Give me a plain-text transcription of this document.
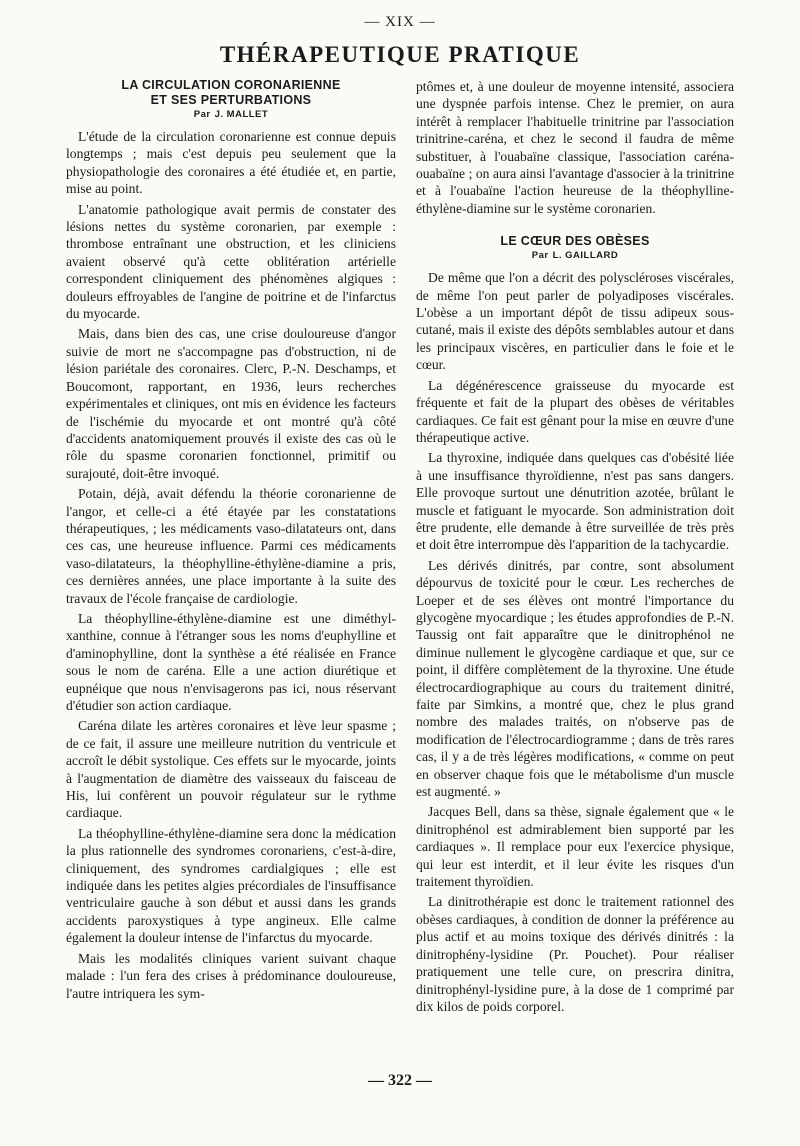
— XIX —
THÉRAPEUTIQUE PRATIQUE
LA CIRCULATION CORONARIENNE
ET SES PERTURBATIONS
Par J. MALLET

L'étude de la circulation coronarienne est connue depuis longtemps ; mais c'est depuis peu seulement que la physiopathologie des coronaires a été étudiée et, en partie, mise au point.

L'anatomie pathologique avait permis de constater des lésions nettes du système coronarien, par exemple : thrombose entraînant une obstruction, et les cliniciens avaient observé qu'à cette oblitération artérielle correspondent cliniquement des phénomènes algiques : douleurs effroyables de l'angine de poitrine et de l'infarctus du myocarde.

Mais, dans bien des cas, une crise douloureuse d'angor suivie de mort ne s'accompagne pas d'obstruction, ni de lésion pariétale des coronaires. Clerc, P.-N. Deschamps, et Boucomont, rapportant, en 1936, leurs recherches expérimentales et cliniques, ont mis en évidence les facteurs de l'ischémie du myocarde et ont montré qu'à côté d'accidents anatomiquement prouvés il existe des cas où le rôle du spasme coronarien fonctionnel, primitif ou surajouté, doit-être invoqué.

Potain, déjà, avait défendu la théorie coronarienne de l'angor, et celle-ci a été étayée par les constatations thérapeutiques, ; les médicaments vaso-dilatateurs ont, dans ces cas, une heureuse influence. Parmi ces médicaments vaso-dilatateurs, la théophylline-éthylène-diamine a pris, ces dernières années, une place importante à la suite des travaux de l'école française de cardiologie.

La théophylline-éthylène-diamine est une diméthyl-xanthine, connue à l'étranger sous les noms d'euphylline et d'aminophylline, dont la synthèse a été réalisée en France sous le nom de caréna. Elle a une action diurétique et eupnéique que nous n'envisagerons pas ici, nous réservant d'étudier son action cardiaque.

Caréna dilate les artères coronaires et lève leur spasme ; de ce fait, il assure une meilleure nutrition du ventricule et accroît le débit systolique. Ces effets sur le myocarde, joints à l'augmentation de diamètre des vaisseaux du faisceau de His, lui confèrent un pouvoir régulateur sur le rythme cardiaque.

La théophylline-éthylène-diamine sera donc la médication la plus rationnelle des syndromes coronariens, c'est-à-dire, cliniquement, des syndromes cardialgiques ; elle est indiquée dans les petites algies précordiales de l'insuffisance ventriculaire gauche à son début et aussi dans les grands accidents paroxystiques à type angineux. Elle calme également la douleur intense de l'infarctus du myocarde.

Mais les modalités cliniques varient suivant chaque malade : l'un fera des crises à prédominance douloureuse, l'autre intriquera les sym-

ptômes et, à une douleur de moyenne intensité, associera une dyspnée parfois intense. Chez le premier, on aura intérêt à remplacer l'habituelle trinitrine par l'association trinitrine-caréna, et chez le second il faudra de même substituer, à l'ouabaïne classique, l'association caréna-ouabaïne ; on aura ainsi l'avantage d'associer à la trinitrine et à l'ouabaïne l'action heureuse de la théophylline-éthylène-diamine sur le système coronarien.

LE CŒUR DES OBÈSES
Par L. GAILLARD

De même que l'on a décrit des polyscléroses viscérales, de même l'on peut parler de polyadiposes viscérales. L'obèse a un important dépôt de tissu adipeux sous-cutané, mais il existe des dépôts semblables autour et dans les principaux viscères, en particulier dans le foie et le cœur.

La dégénérescence graisseuse du myocarde est fréquente et fait de la plupart des obèses de véritables cardiaques. Ce fait est gênant pour la mise en œuvre d'une thérapeutique active.

La thyroxine, indiquée dans quelques cas d'obésité liée à une insuffisance thyroïdienne, n'est pas sans dangers. Elle provoque surtout une dénutrition azotée, brûlant le muscle et fatiguant le myocarde. Son administration doit être prudente, elle demande à être surveillée de très près et doit être interrompue dès l'apparition de la tachycardie.

Les dérivés dinitrés, par contre, sont absolument dépourvus de toxicité pour le cœur. Les recherches de Loeper et de ses élèves ont montré l'importance du glycogène myocardique ; les études approfondies de P.-N. Taussig ont fait apparaître que le dinitrophénol ne diminue nullement le glycogène cardiaque et que, sur ce point, il diffère complètement de la thyroxine. Une étude électrocardiographique au cours du traitement dinitré, faite par Simkins, a montré que, chez le plus grand nombre des malades traités, on n'observe pas de modification de l'électrocardiogramme ; dans de très rares cas, il y a de très légères modifications, « comme on peut en observer chaque fois que le métabolisme d'un muscle est augmenté. »

Jacques Bell, dans sa thèse, signale également que « le dinitrophénol est admirablement bien supporté par les cardiaques ». Il remplace pour eux l'exercice physique, qui leur est interdit, et il leur évite les risques d'un traitement thyroïdien.

La dinitrothérapie est donc le traitement rationnel des obèses cardiaques, à condition de donner la préférence au plus actif et au moins toxique des dérivés dinitrés : la dinitrophény-lysidine (Pr. Pouchet). Pour réaliser pratiquement une telle cure, on prescrira dinitra, dinitrophényl-lysidine pure, à la dose de 1 comprimé par dix kilos de poids corporel.

— 322 —
